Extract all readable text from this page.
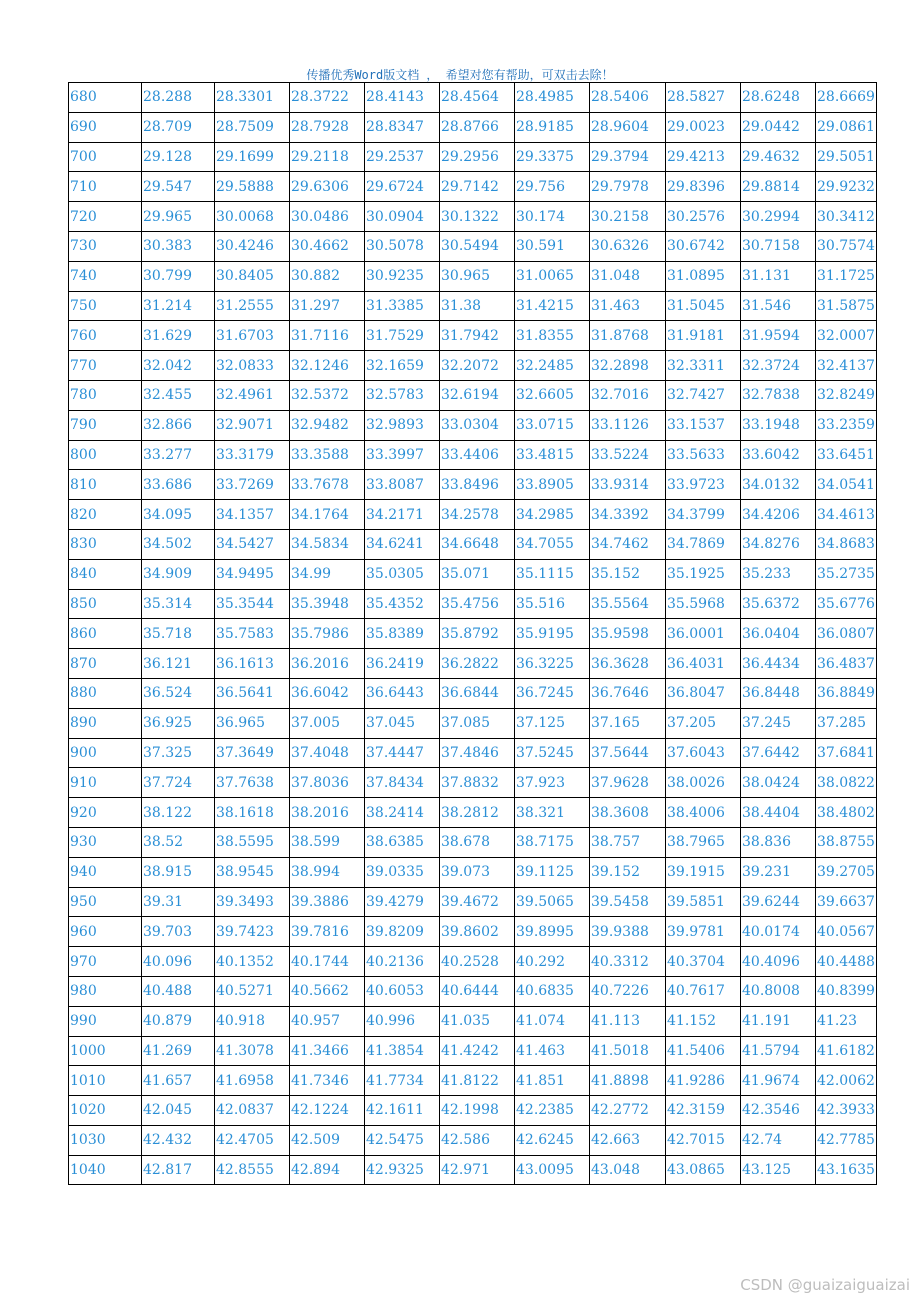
传播优秀Word版文档 ， 希望对您有帮助，可双击去除！
680	28.288	28.3301	28.3722	28.4143	28.4564	28.4985	28.5406	28.5827	28.6248	28.6669
690	28.709	28.7509	28.7928	28.8347	28.8766	28.9185	28.9604	29.0023	29.0442	29.0861
700	29.128	29.1699	29.2118	29.2537	29.2956	29.3375	29.3794	29.4213	29.4632	29.5051
710	29.547	29.5888	29.6306	29.6724	29.7142	29.756	29.7978	29.8396	29.8814	29.9232
720	29.965	30.0068	30.0486	30.0904	30.1322	30.174	30.2158	30.2576	30.2994	30.3412
730	30.383	30.4246	30.4662	30.5078	30.5494	30.591	30.6326	30.6742	30.7158	30.7574
740	30.799	30.8405	30.882	30.9235	30.965	31.0065	31.048	31.0895	31.131	31.1725
750	31.214	31.2555	31.297	31.3385	31.38	31.4215	31.463	31.5045	31.546	31.5875
760	31.629	31.6703	31.7116	31.7529	31.7942	31.8355	31.8768	31.9181	31.9594	32.0007
770	32.042	32.0833	32.1246	32.1659	32.2072	32.2485	32.2898	32.3311	32.3724	32.4137
780	32.455	32.4961	32.5372	32.5783	32.6194	32.6605	32.7016	32.7427	32.7838	32.8249
790	32.866	32.9071	32.9482	32.9893	33.0304	33.0715	33.1126	33.1537	33.1948	33.2359
800	33.277	33.3179	33.3588	33.3997	33.4406	33.4815	33.5224	33.5633	33.6042	33.6451
810	33.686	33.7269	33.7678	33.8087	33.8496	33.8905	33.9314	33.9723	34.0132	34.0541
820	34.095	34.1357	34.1764	34.2171	34.2578	34.2985	34.3392	34.3799	34.4206	34.4613
830	34.502	34.5427	34.5834	34.6241	34.6648	34.7055	34.7462	34.7869	34.8276	34.8683
840	34.909	34.9495	34.99	35.0305	35.071	35.1115	35.152	35.1925	35.233	35.2735
850	35.314	35.3544	35.3948	35.4352	35.4756	35.516	35.5564	35.5968	35.6372	35.6776
860	35.718	35.7583	35.7986	35.8389	35.8792	35.9195	35.9598	36.0001	36.0404	36.0807
870	36.121	36.1613	36.2016	36.2419	36.2822	36.3225	36.3628	36.4031	36.4434	36.4837
880	36.524	36.5641	36.6042	36.6443	36.6844	36.7245	36.7646	36.8047	36.8448	36.8849
890	36.925	36.965	37.005	37.045	37.085	37.125	37.165	37.205	37.245	37.285
900	37.325	37.3649	37.4048	37.4447	37.4846	37.5245	37.5644	37.6043	37.6442	37.6841
910	37.724	37.7638	37.8036	37.8434	37.8832	37.923	37.9628	38.0026	38.0424	38.0822
920	38.122	38.1618	38.2016	38.2414	38.2812	38.321	38.3608	38.4006	38.4404	38.4802
930	38.52	38.5595	38.599	38.6385	38.678	38.7175	38.757	38.7965	38.836	38.8755
940	38.915	38.9545	38.994	39.0335	39.073	39.1125	39.152	39.1915	39.231	39.2705
950	39.31	39.3493	39.3886	39.4279	39.4672	39.5065	39.5458	39.5851	39.6244	39.6637
960	39.703	39.7423	39.7816	39.8209	39.8602	39.8995	39.9388	39.9781	40.0174	40.0567
970	40.096	40.1352	40.1744	40.2136	40.2528	40.292	40.3312	40.3704	40.4096	40.4488
980	40.488	40.5271	40.5662	40.6053	40.6444	40.6835	40.7226	40.7617	40.8008	40.8399
990	40.879	40.918	40.957	40.996	41.035	41.074	41.113	41.152	41.191	41.23
1000	41.269	41.3078	41.3466	41.3854	41.4242	41.463	41.5018	41.5406	41.5794	41.6182
1010	41.657	41.6958	41.7346	41.7734	41.8122	41.851	41.8898	41.9286	41.9674	42.0062
1020	42.045	42.0837	42.1224	42.1611	42.1998	42.2385	42.2772	42.3159	42.3546	42.3933
1030	42.432	42.4705	42.509	42.5475	42.586	42.6245	42.663	42.7015	42.74	42.7785
1040	42.817	42.8555	42.894	42.9325	42.971	43.0095	43.048	43.0865	43.125	43.1635
CSDN @guaizaiguaizai
